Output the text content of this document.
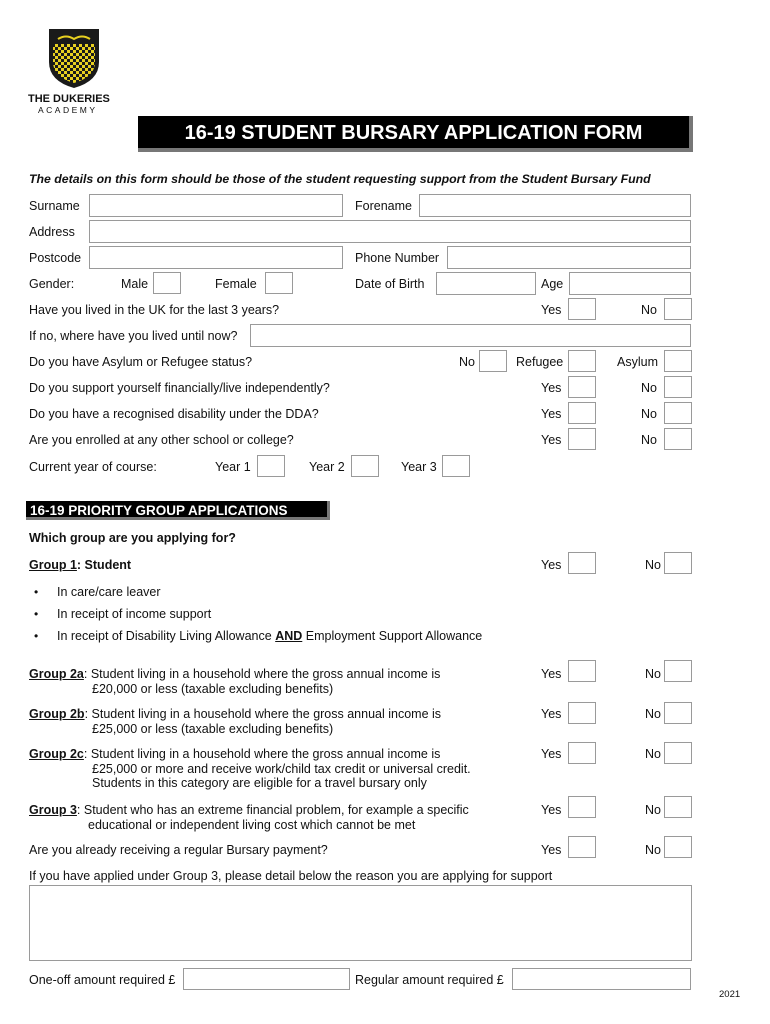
THE DUKERIES
ACADEMY
16-19 STUDENT BURSARY APPLICATION FORM
The details on this form should be those of the student requesting support from the Student Bursary Fund
Surname	Forename
Address
Postcode	Phone Number
Gender:	Male	Female	Date of Birth	Age
Have you lived in the UK for the last 3 years?	Yes	No
If no, where have you lived until now?
Do you have Asylum or Refugee status?	No	Refugee	Asylum
Do you support yourself financially/live independently?	Yes	No
Do you have a recognised disability under the DDA?	Yes	No
Are you enrolled at any other school or college?	Yes	No
Current year of course:	Year 1	Year 2	Year 3
16-19 PRIORITY GROUP APPLICATIONS
Which group are you applying for?
Group 1: Student	Yes	No
• In care/care leaver
• In receipt of income support
• In receipt of Disability Living Allowance AND Employment Support Allowance
Group 2a: Student living in a household where the gross annual income is
£20,000 or less (taxable excluding benefits)
Yes	No
Group 2b: Student living in a household where the gross annual income is
£25,000 or less (taxable excluding benefits)
Yes	No
Group 2c: Student living in a household where the gross annual income is
£25,000 or more and receive work/child tax credit or universal credit.
Students in this category are eligible for a travel bursary only
Yes	No
Group 3: Student who has an extreme financial problem, for example a specific
educational or independent living cost which cannot be met
Yes	No
Are you already receiving a regular Bursary payment?	Yes	No
If you have applied under Group 3, please detail below the reason you are applying for support
One-off amount required £	Regular amount required £
2021
